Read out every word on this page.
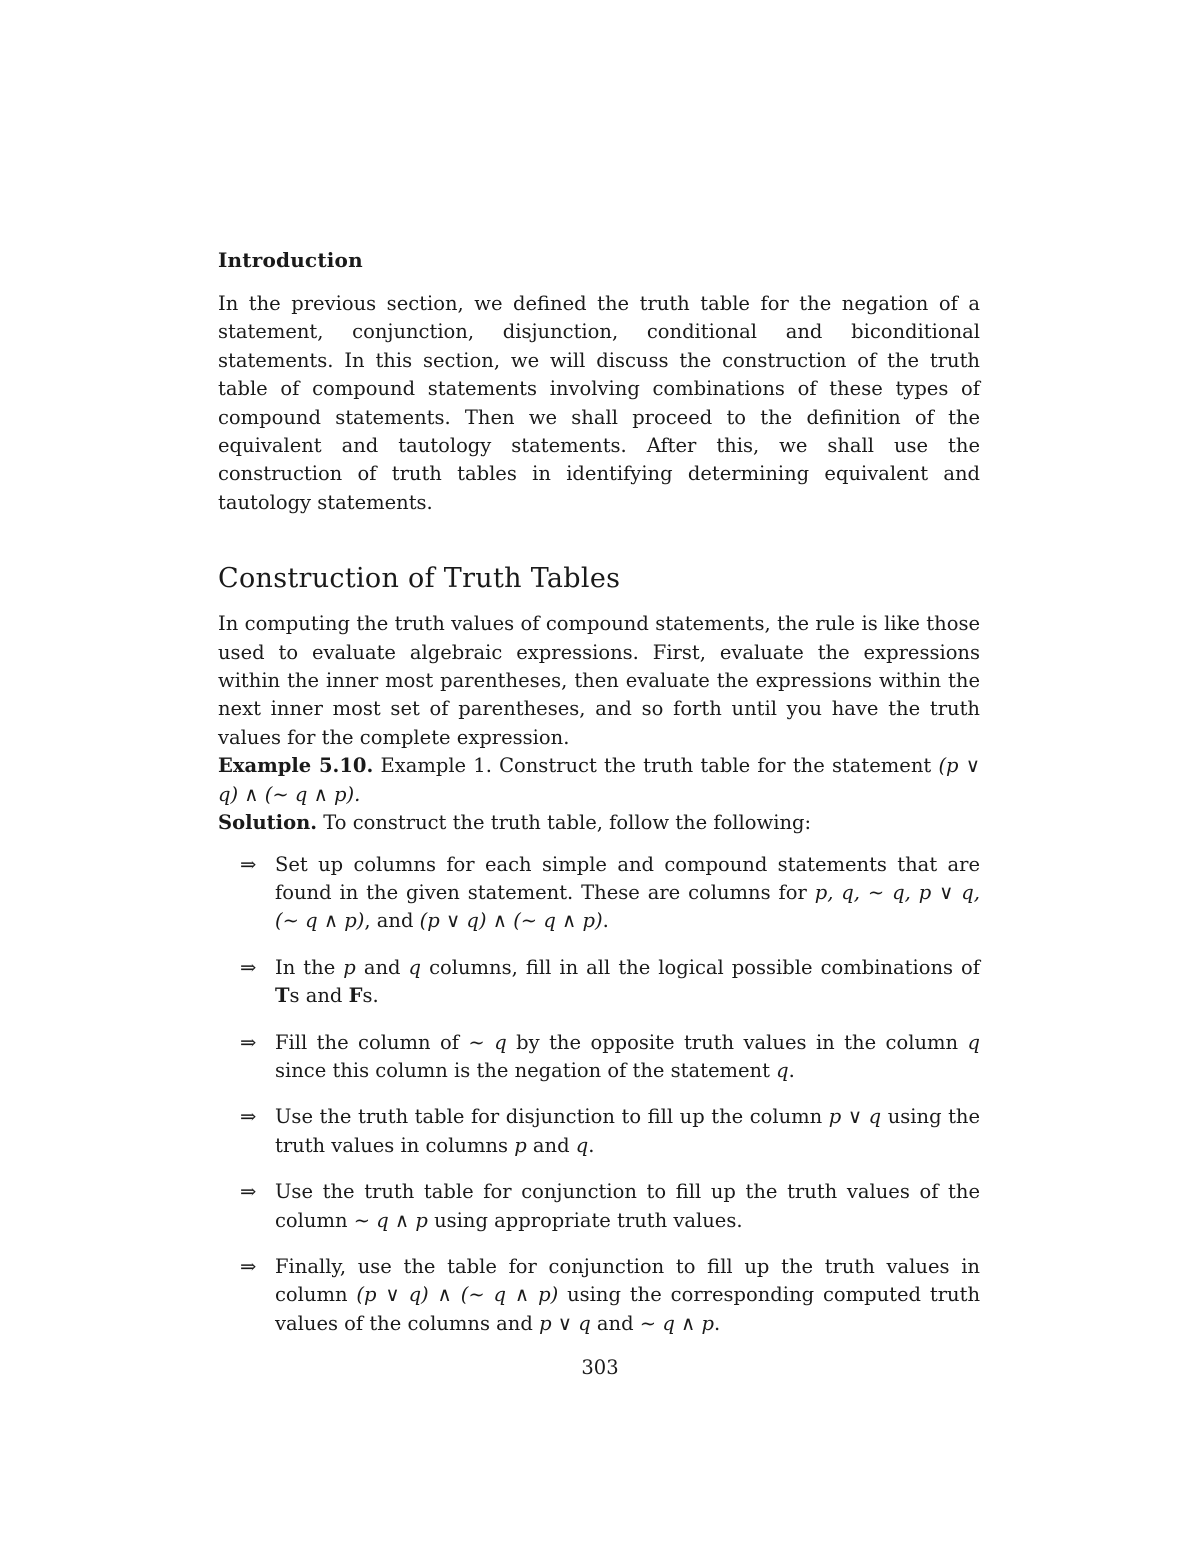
Introduction

In the previous section, we defined the truth table for the negation of a statement, conjunction, disjunction, conditional and biconditional statements. In this section, we will discuss the construction of the truth table of compound statements involving combinations of these types of compound statements. Then we shall proceed to the definition of the equivalent and tautology statements. After this, we shall use the construction of truth tables in identifying determining equivalent and tautology statements.

Construction of Truth Tables

In computing the truth values of compound statements, the rule is like those used to evaluate algebraic expressions. First, evaluate the expressions within the inner most parentheses, then evaluate the expressions within the next inner most set of parentheses, and so forth until you have the truth values for the complete expression.

Example 5.10. Example 1. Construct the truth table for the statement (p ∨ q) ∧ (∼ q ∧ p).

Solution. To construct the truth table, follow the following:

⇒ Set up columns for each simple and compound statements that are found in the given statement. These are columns for p, q, ∼ q, p ∨ q, (∼ q ∧ p), and (p ∨ q) ∧ (∼ q ∧ p).

⇒ In the p and q columns, fill in all the logical possible combinations of Ts and Fs.

⇒ Fill the column of ∼ q by the opposite truth values in the column q since this column is the negation of the statement q.

⇒ Use the truth table for disjunction to fill up the column p ∨ q using the truth values in columns p and q.

⇒ Use the truth table for conjunction to fill up the truth values of the column ∼ q ∧ p using appropriate truth values.

⇒ Finally, use the table for conjunction to fill up the truth values in column (p ∨ q) ∧ (∼ q ∧ p) using the corresponding computed truth values of the columns and p ∨ q and ∼ q ∧ p.

303
